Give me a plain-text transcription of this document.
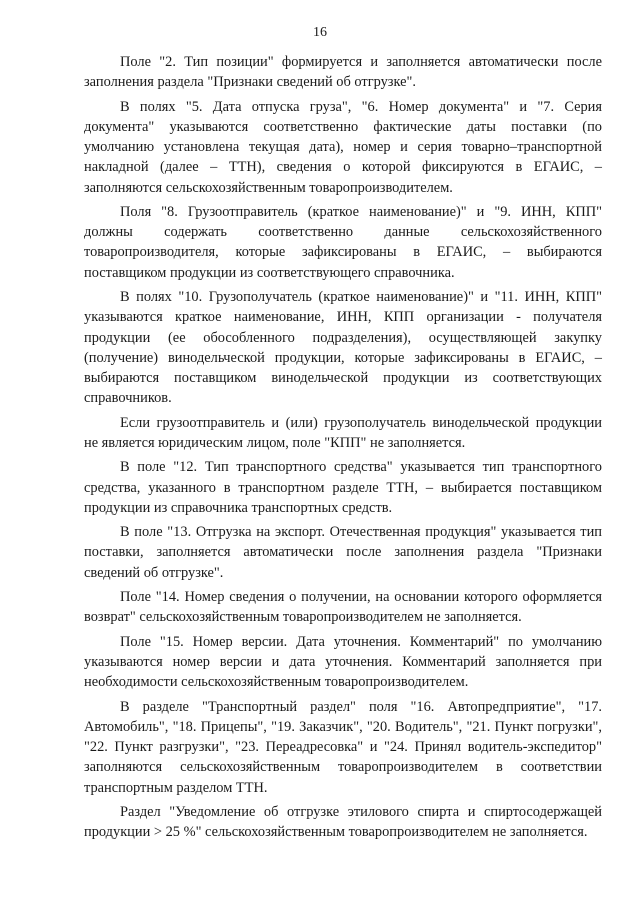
16

Поле "2. Тип позиции" формируется и заполняется автоматически после заполнения раздела "Признаки сведений об отгрузке".

В полях "5. Дата отпуска груза", "6. Номер документа" и "7. Серия документа" указываются соответственно фактические даты поставки (по умолчанию установлена текущая дата), номер и серия товарно–транспортной накладной (далее – ТТН), сведения о которой фиксируются в ЕГАИС, – заполняются сельскохозяйственным товаропроизводителем.

Поля "8. Грузоотправитель (краткое наименование)" и "9. ИНН, КПП" должны содержать соответственно данные сельскохозяйственного товаропроизводителя, которые зафиксированы в ЕГАИС, – выбираются поставщиком продукции из соответствующего справочника.

В полях "10. Грузополучатель (краткое наименование)" и "11. ИНН, КПП" указываются краткое наименование, ИНН, КПП организации - получателя продукции (ее обособленного подразделения), осуществляющей закупку (получение) винодельческой продукции, которые зафиксированы в ЕГАИС, – выбираются поставщиком винодельческой продукции из соответствующих справочников.

Если грузоотправитель и (или) грузополучатель винодельческой продукции не является юридическим лицом, поле "КПП" не заполняется.

В поле "12. Тип транспортного средства" указывается тип транспортного средства, указанного в транспортном разделе ТТН, – выбирается поставщиком продукции из справочника транспортных средств.

В поле "13. Отгрузка на экспорт. Отечественная продукция" указывается тип поставки, заполняется автоматически после заполнения раздела "Признаки сведений об отгрузке".

Поле "14. Номер сведения о получении, на основании которого оформляется возврат" сельскохозяйственным товаропроизводителем не заполняется.

Поле "15. Номер версии. Дата уточнения. Комментарий" по умолчанию указываются номер версии и дата уточнения. Комментарий заполняется при необходимости сельскохозяйственным товаропроизводителем.

В разделе "Транспортный раздел" поля "16. Автопредприятие", "17. Автомобиль", "18. Прицепы", "19. Заказчик", "20. Водитель", "21. Пункт погрузки", "22. Пункт разгрузки", "23. Переадресовка" и "24. Принял водитель-экспедитор" заполняются сельскохозяйственным товаропроизводителем в соответствии транспортным разделом ТТН.

Раздел "Уведомление об отгрузке этилового спирта и спиртосодержащей продукции > 25 %" сельскохозяйственным товаропроизводителем не заполняется.
